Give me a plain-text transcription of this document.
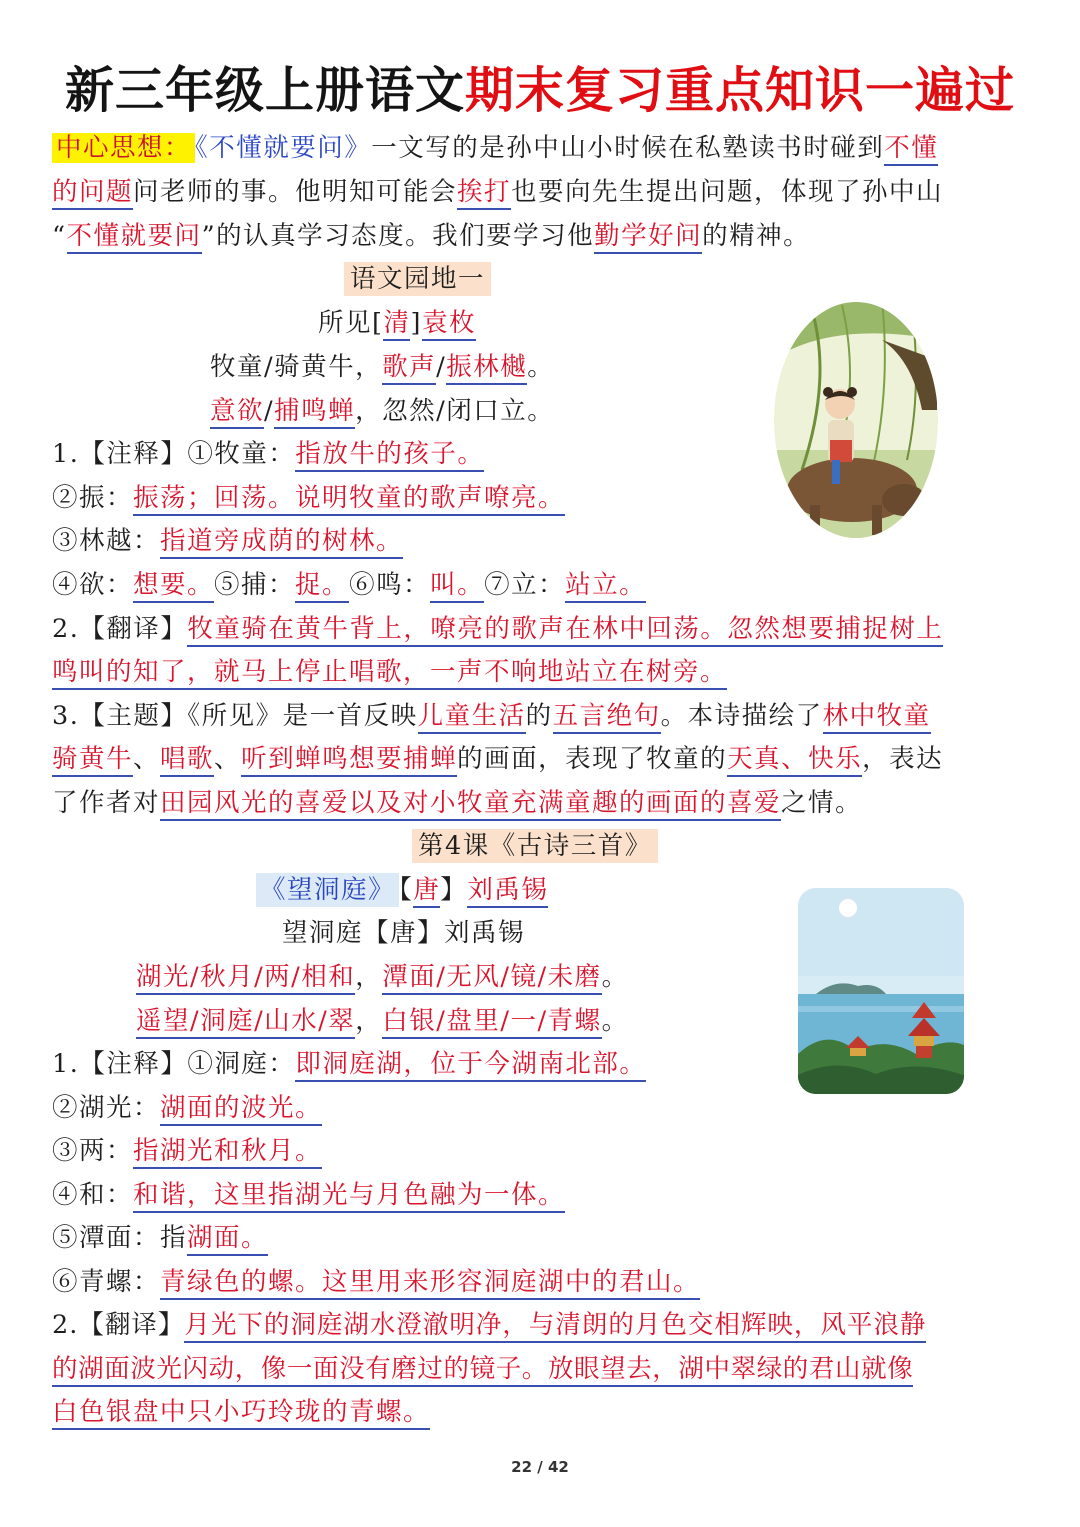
新三年级上册语文期末复习重点知识一遍过
中心思想： 《不懂就要问》一文写的是孙中山小时候在私塾读书时碰到不懂
的问题问老师的事。他明知可能会挨打也要向先生提出问题，体现了孙中山
“不懂就要问”的认真学习态度。我们要学习他勤学好问的精神。
语文园地一
所见[清]袁枚
牧童/骑黄牛，歌声/振林樾。
意欲/捕鸣蝉，忽然/闭口立。
1.【注释】①牧童：指放牛的孩子。
②振：振荡；回荡。说明牧童的歌声嘹亮。
③林越：指道旁成荫的树林。
④欲：想要。⑤捕：捉。⑥鸣：叫。⑦立：站立。
2.【翻译】牧童骑在黄牛背上，嘹亮的歌声在林中回荡。忽然想要捕捉树上
鸣叫的知了，就马上停止唱歌，一声不响地站立在树旁。
3.【主题】《所见》是一首反映儿童生活的五言绝句。本诗描绘了林中牧童
骑黄牛、唱歌、听到蝉鸣想要捕蝉的画面，表现了牧童的天真、快乐，表达
了作者对田园风光的喜爱以及对小牧童充满童趣的画面的喜爱之情。
第4课《古诗三首》
《望洞庭》 【唐】刘禹锡
望洞庭【唐】刘禹锡
湖光/秋月/两/相和，潭面/无风/镜/未磨。
遥望/洞庭/山水/翠，白银/盘里/一/青螺。
1.【注释】①洞庭：即洞庭湖，位于今湖南北部。
②湖光：湖面的波光。
③两：指湖光和秋月。
④和：和谐，这里指湖光与月色融为一体。
⑤潭面：指湖面。
⑥青螺：青绿色的螺。这里用来形容洞庭湖中的君山。
2.【翻译】月光下的洞庭湖水澄澈明净，与清朗的月色交相辉映，风平浪静
的湖面波光闪动，像一面没有磨过的镜子。放眼望去，湖中翠绿的君山就像
白色银盘中只小巧玲珑的青螺。
22 / 42
